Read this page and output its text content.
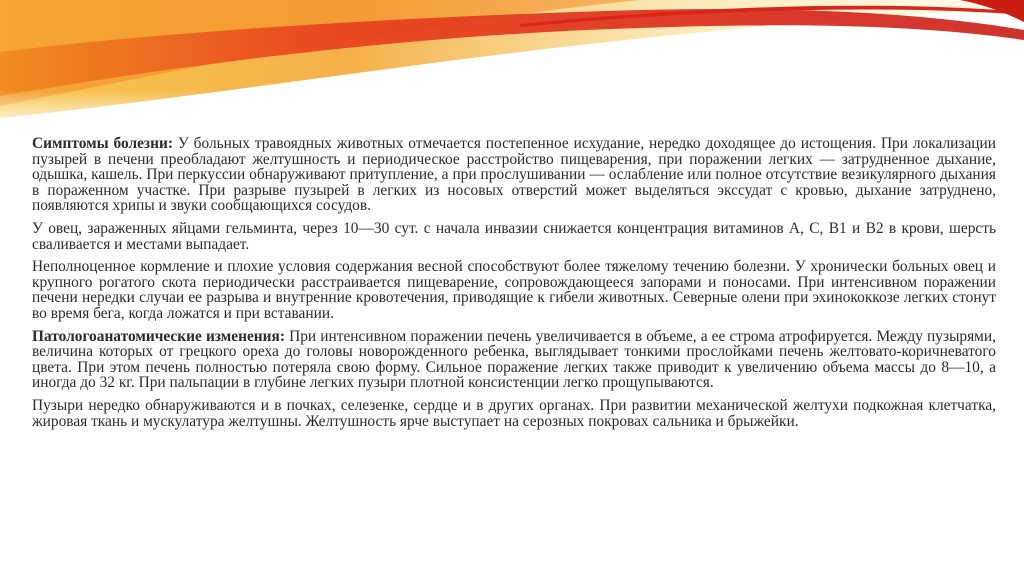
Симптомы болезни: У больных травоядных животных отмечается постепенное исхудание, нередко доходящее до истощения. При локализации пузырей в печени преобладают желтушность и периодическое расстройство пищеварения, при поражении легких — затрудненное дыхание, одышка, кашель. При перкуссии обнаруживают притупление, а при прослушивании — ослабление или полное отсутствие везикулярного дыхания в пораженном участке. При разрыве пузырей в легких из носовых отверстий может выделяться экссудат с кровью, дыхание затруднено, появляются хрипы и звуки сообщающихся сосудов.

У овец, зараженных яйцами гельминта, через 10—30 сут. с начала инвазии снижается концентрация витаминов А, С, В1 и В2 в крови, шерсть сваливается и местами выпадает.

Неполноценное кормление и плохие условия содержания весной способствуют более тяжелому течению болезни. У хронически больных овец и крупного рогатого скота периодически расстраивается пищеварение, сопровождающееся запорами и поносами. При интенсивном поражении печени нередки случаи ее разрыва и внутренние кровотечения, приводящие к гибели животных. Северные олени при эхинококкозе легких стонут во время бега, когда ложатся и при вставании.

Патологоанатомические изменения: При интенсивном поражении печень увеличивается в объеме, а ее строма атрофируется. Между пузырями, величина которых от грецкого ореха до головы новорожденного ребенка, выглядывает тонкими прослойками печень желтовато-коричневатого цвета. При этом печень полностью потеряла свою форму. Сильное поражение легких также приводит к увеличению объема массы до 8—10, а иногда до 32 кг. При пальпации в глубине легких пузыри плотной консистенции легко прощупываются.

Пузыри нередко обнаруживаются и в почках, селезенке, сердце и в других органах. При развитии механической желтухи подкожная клетчатка, жировая ткань и мускулатура желтушны. Желтушность ярче выступает на серозных покровах сальника и брыжейки.
